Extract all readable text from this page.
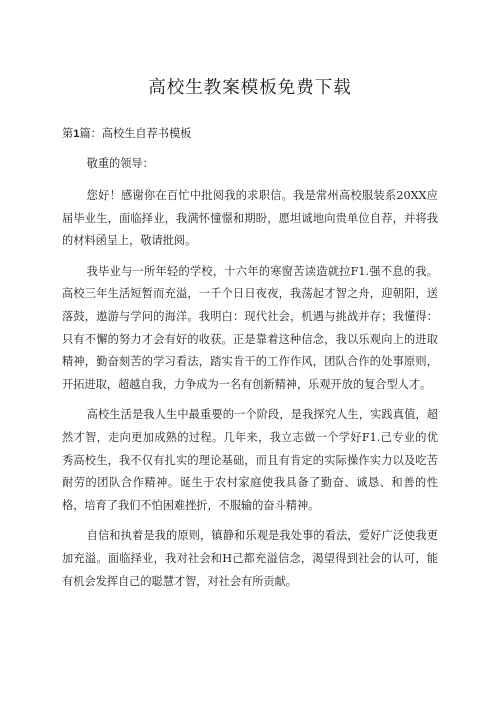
高校生教案模板免费下载
第1篇：高校生自荐书模板
敬重的领导：

您好！感谢你在百忙中批阅我的求职信。我是常州高校服装系20XX应届毕业生，面临择业，我满怀憧憬和期盼，愿坦诚地向贵单位自荐，并将我的材料函呈上，敬请批阅。

我毕业与一所年轻的学校，十六年的寒窗苦读造就拉F1.强不息的我。高校三年生活短暂而充溢，一千个日日夜夜，我荡起才智之舟，迎朝阳，送落鼓，遨游与学问的海洋。我明白：现代社会，机遇与挑战并存；我懂得：只有不懈的努力才会有好的收获。正是靠着这种信念，我以乐观向上的进取精神，勤奋刻苦的学习看法，踏实肯干的工作作风，团队合作的处事原则，开拓进取，超越自我，力争成为一名有创新精神，乐观开放的复合型人才。

高校生活是我人生中最重要的一个阶段，是我探究人生，实践真值，超然才智，走向更加成熟的过程。几年来，我立志做一个学好F1.己专业的优秀高校生，我不仅有扎实的理论基础，而且有肯定的实际操作实力以及吃苦耐劳的团队合作精神。诞生于农村家庭使我具备了勤奋、诚恳、和善的性格，培育了我们不怕困难挫折，不服输的奋斗精神。

自信和执着是我的原则，镇静和乐观是我处事的看法，爱好广泛使我更加充溢。面临择业，我对社会和H己都充溢信念，渴望得到社会的认可，能有机会发挥自己的聪慧才智，对社会有所贡献。
